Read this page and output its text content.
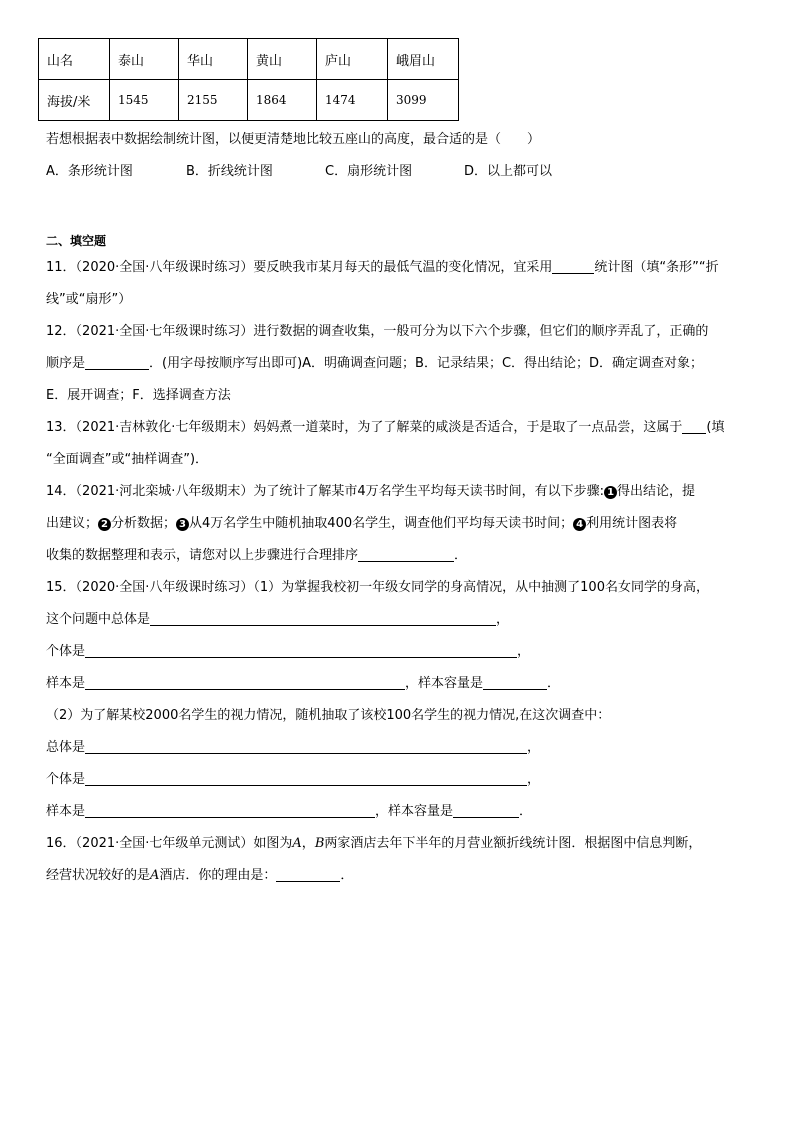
山名	泰山	华山	黄山	庐山	峨眉山
海拔/米	1545	2155	1864	1474	3099
若想根据表中数据绘制统计图，以便更清楚地比较五座山的高度，最合适的是（　　）
A．条形统计图	B．折线统计图	C．扇形统计图	D．以上都可以
二、填空题
11．（2020·全国·八年级课时练习）要反映我市某月每天的最低气温的变化情况，宜采用	统计图（填“条形”“折
线”或“扇形”）
12．（2021·全国·七年级课时练习）进行数据的调查收集，一般可分为以下六个步骤，但它们的顺序弄乱了，正确的
顺序是	．(用字母按顺序写出即可)A．明确调查问题；B．记录结果；C．得出结论；D．确定调查对象；
E．展开调查；F．选择调查方法
13．（2021·吉林敦化·七年级期末）妈妈煮一道菜时，为了了解菜的咸淡是否适合，于是取了一点品尝，这属于 (填
“全面调查”或“抽样调查”)．
14．（2021·河北栾城·八年级期末）为了统计了解某市4万名学生平均每天读书时间，有以下步骤: 1 得出结论，提
出建议； 2 分析数据； 3 从4万名学生中随机抽取400名学生，调查他们平均每天读书时间； 4 利用统计图表将
收集的数据整理和表示，请您对以上步骤进行合理排序	．
15．（2020·全国·八年级课时练习）（1）为掌握我校初一年级女同学的身高情况，从中抽测了100名女同学的身高，
这个问题中总体是	，
个体是	，
样本是	，样本容量是	．
（2）为了解某校2000名学生的视力情况，随机抽取了该校100名学生的视力情况,在这次调查中：
总体是	，
个体是	，
样本是	，样本容量是	．
16．（2021·全国·七年级单元测试）如图为A，B两家酒店去年下半年的月营业额折线统计图．根据图中信息判断，
经营状况较好的是A酒店．你的理由是：	．
